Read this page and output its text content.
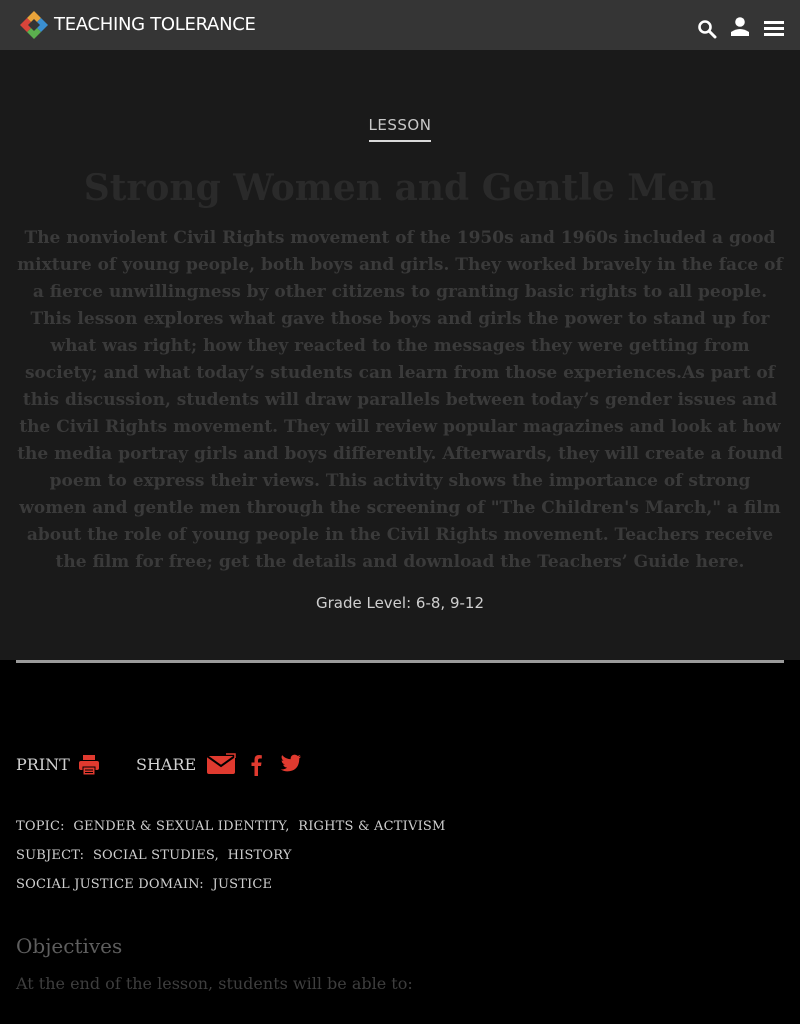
TEACHING TOLERANCE
LESSON
Strong Women and Gentle Men

The nonviolent Civil Rights movement of the 1950s and 1960s included a good mixture of young people, both boys and girls. They worked bravely in the face of a fierce unwillingness by other citizens to granting basic rights to all people. This lesson explores what gave those boys and girls the power to stand up for what was right; how they reacted to the messages they were getting from society; and what today’s students can learn from those experiences.As part of this discussion, students will draw parallels between today’s gender issues and the Civil Rights movement. They will review popular magazines and look at how the media portray girls and boys differently. Afterwards, they will create a found poem to express their views. This activity shows the importance of strong women and gentle men through the screening of "The Children's March," a film about the role of young people in the Civil Rights movement. Teachers receive the film for free; get the details and download the Teachers’ Guide here.

Grade Level: 6-8, 9-12
PRINT	SHARE
TOPIC: GENDER & SEXUAL IDENTITY,  RIGHTS & ACTIVISM
SUBJECT: SOCIAL STUDIES,  HISTORY
SOCIAL JUSTICE DOMAIN: JUSTICE
Objectives

At the end of the lesson, students will be able to:
